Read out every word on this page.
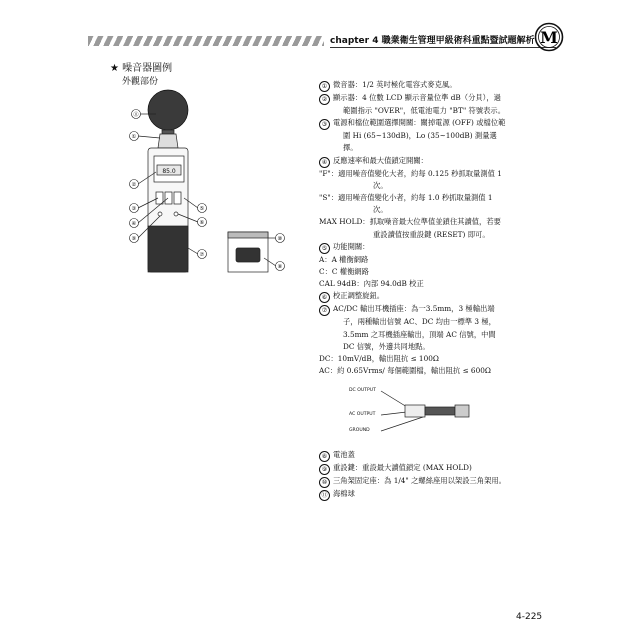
chapter 4 職業衛生管理甲級術科重點暨試題解析 M
★ 噪音器圖例
外觀部份
85.0
⑪
①
②
③
④
⑨
⑤
⑥
⑦
⑩
⑧

① 微音器：1/2 英吋極化電容式麥克風。

② 顯示器：4 位數 LCD 顯示音量位準 dB（分貝），過範圍指示 "OVER"，低電池電力 "BT" 符號表示。

③ 電源和檔位範圍選擇開關：關掉電源 (OFF) 或檔位範圍 Hi (65~130dB)，Lo (35~100dB) 測量選擇。

④ 反應速率和最大值鎖定開關：

"F"：適用噪音值變化大者，約每 0.125 秒抓取量測值 1 次。

"S"：適用噪音值變化小者，約每 1.0 秒抓取量測值 1 次。

MAX HOLD：抓取噪音最大位準值並鎖住其讀值，若要重設讀值按重設鍵 (RESET) 即可。

⑤ 功能開關：

A：A 權衡網路

C：C 權衡網路

CAL 94dB：內部 94.0dB 校正

⑥ 校正調整旋鈕。

⑦ AC/DC 輸出耳機插座：為一3.5mm，3 極輸出端子，兩種輸出信號 AC、DC 均由一標準 3 極，3.5mm 之耳機插座輸出，頂端 AC 信號，中間 DC 信號，外邊共同地點。

DC：10mV/dB，輸出阻抗 ≤ 100Ω

AC：約 0.65Vrms/ 每個範圍檔，輸出阻抗 ≤ 600Ω

DC OUTPUT
AC OUTPUT
GROUND

⑧ 電池蓋

⑨ 重設鍵：重設最大讀值鎖定 (MAX HOLD)

⑩ 三角架固定座：為 1/4" 之螺絲座用以架設三角架用。

⑪ 海棉球

4-225
